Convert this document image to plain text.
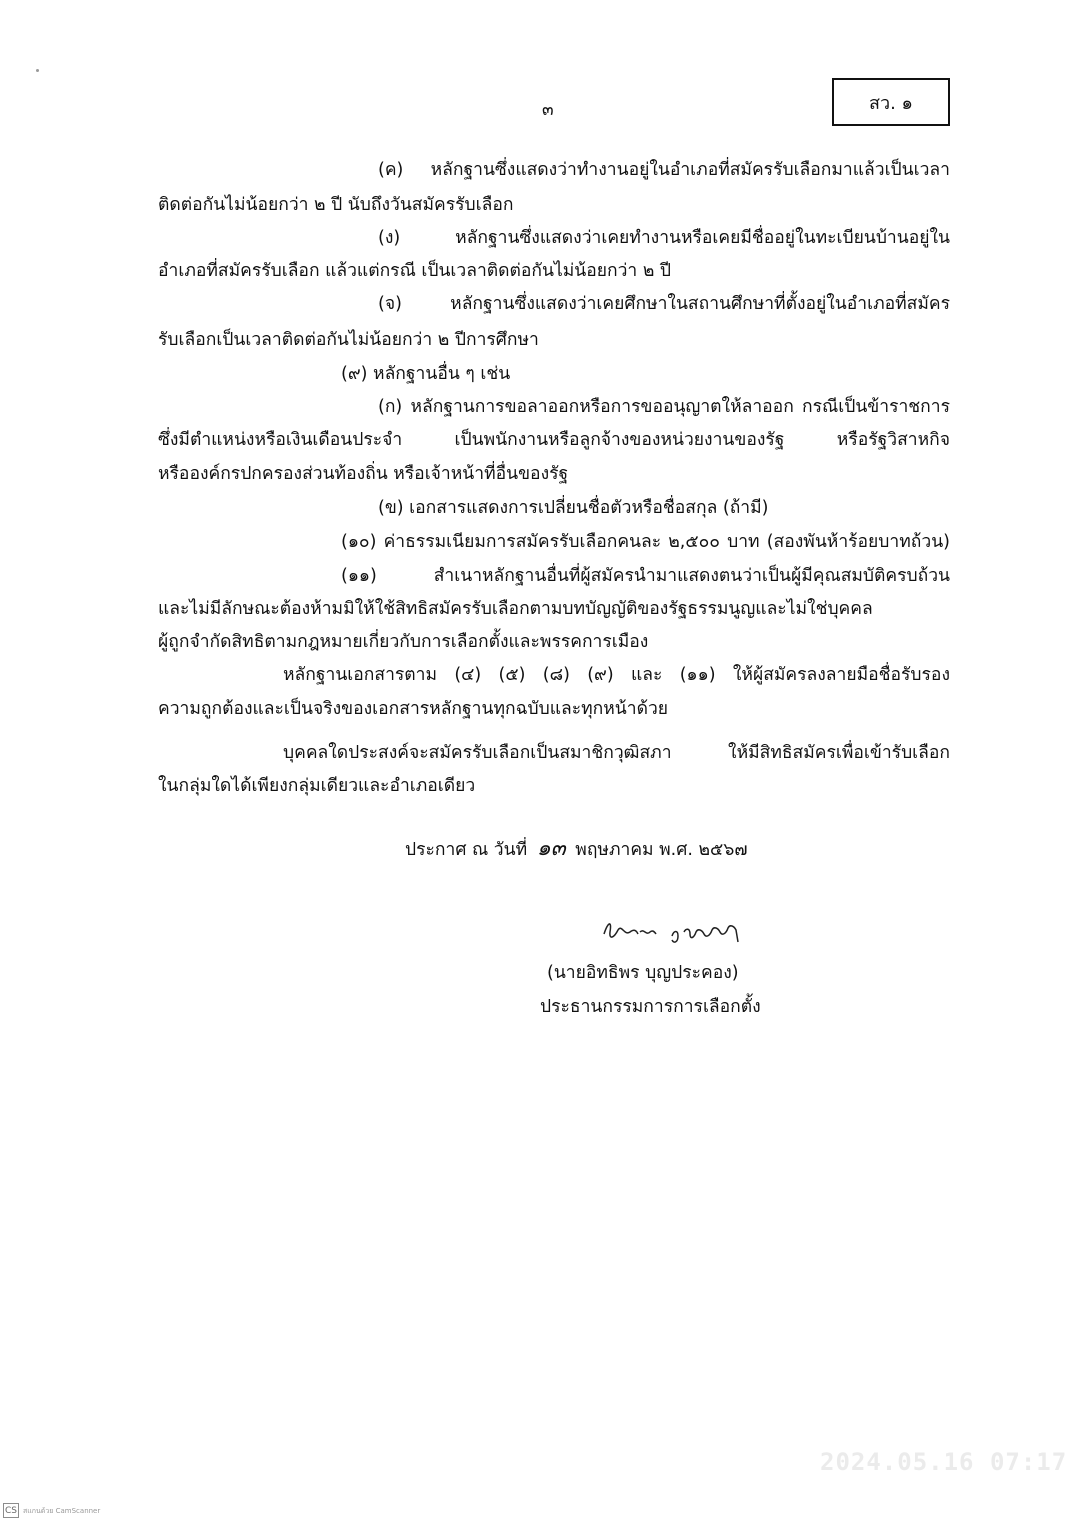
๓	สว. ๑
(ค) หลักฐานซึ่งแสดงว่าทำงานอยู่ในอำเภอที่สมัครรับเลือกมาแล้วเป็นเวลา
ติดต่อกันไม่น้อยกว่า ๒ ปี นับถึงวันสมัครรับเลือก
(ง) หลักฐานซึ่งแสดงว่าเคยทำงานหรือเคยมีชื่ออยู่ในทะเบียนบ้านอยู่ใน
อำเภอที่สมัครรับเลือก แล้วแต่กรณี เป็นเวลาติดต่อกันไม่น้อยกว่า ๒ ปี
(จ) หลักฐานซึ่งแสดงว่าเคยศึกษาในสถานศึกษาที่ตั้งอยู่ในอำเภอที่สมัคร
รับเลือกเป็นเวลาติดต่อกันไม่น้อยกว่า ๒ ปีการศึกษา
(๙) หลักฐานอื่น ๆ เช่น
(ก) หลักฐานการขอลาออกหรือการขออนุญาตให้ลาออก กรณีเป็นข้าราชการ
ซึ่งมีตำแหน่งหรือเงินเดือนประจำ เป็นพนักงานหรือลูกจ้างของหน่วยงานของรัฐ หรือรัฐวิสาหกิจ
หรือองค์กรปกครองส่วนท้องถิ่น หรือเจ้าหน้าที่อื่นของรัฐ
(ข) เอกสารแสดงการเปลี่ยนชื่อตัวหรือชื่อสกุล (ถ้ามี)
(๑๐) ค่าธรรมเนียมการสมัครรับเลือกคนละ ๒,๕๐๐ บาท (สองพันห้าร้อยบาทถ้วน)
(๑๑) สำเนาหลักฐานอื่นที่ผู้สมัครนำมาแสดงตนว่าเป็นผู้มีคุณสมบัติครบถ้วน
และไม่มีลักษณะต้องห้ามมิให้ใช้สิทธิสมัครรับเลือกตามบทบัญญัติของรัฐธรรมนูญและไม่ใช่บุคคล
ผู้ถูกจำกัดสิทธิตามกฎหมายเกี่ยวกับการเลือกตั้งและพรรคการเมือง
หลักฐานเอกสารตาม (๔) (๕) (๘) (๙) และ (๑๑) ให้ผู้สมัครลงลายมือชื่อรับรอง
ความถูกต้องและเป็นจริงของเอกสารหลักฐานทุกฉบับและทุกหน้าด้วย
บุคคลใดประสงค์จะสมัครรับเลือกเป็นสมาชิกวุฒิสภา ให้มีสิทธิสมัครเพื่อเข้ารับเลือก
ในกลุ่มใดได้เพียงกลุ่มเดียวและอำเภอเดียว
ประกาศ ณ วันที่ ๑๓ พฤษภาคม พ.ศ. ๒๕๖๗
(นายอิทธิพร บุญประคอง)
ประธานกรรมการการเลือกตั้ง
2024.05.16 07:17
CS สแกนด้วย CamScanner
